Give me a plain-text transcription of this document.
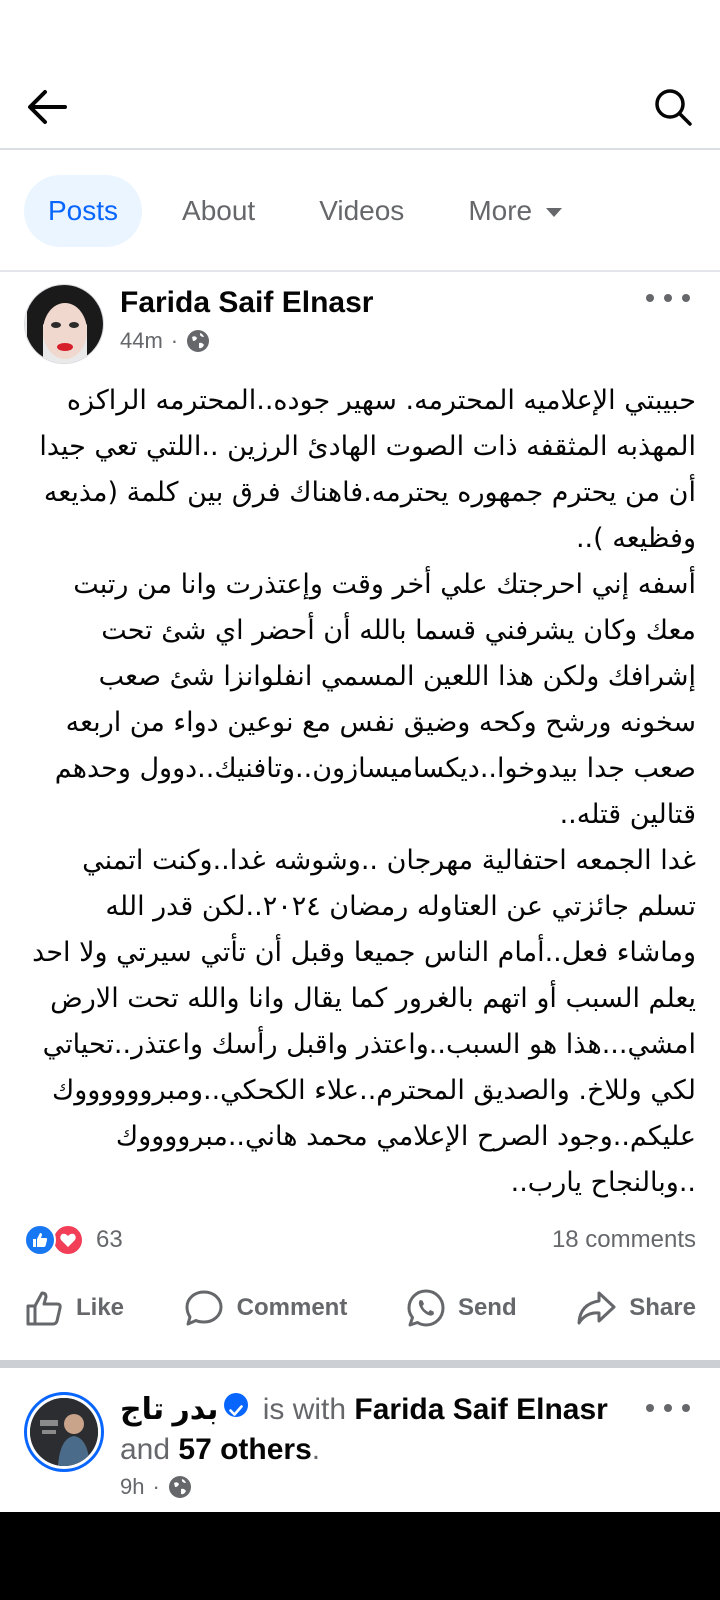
Posts About Videos More
Farida Saif Elnasr
44m ·
حبيبتي الإعلاميه المحترمه. سهير جوده..المحترمه الراكزه المهذبه المثقفه ذات الصوت الهادئ الرزين ..اللتي تعي جيدا أن من يحترم جمهوره يحترمه.فاهناك فرق بين كلمة (مذيعه وفظيعه )..
أسفه إني احرجتك علي أخر وقت وإعتذرت وانا من رتبت معك وكان يشرفني قسما بالله أن أحضر اي شئ تحت إشرافك ولكن هذا اللعين المسمي انفلوانزا شئ صعب سخونه ورشح وكحه وضيق نفس مع نوعين دواء من اربعه صعب جدا بيدوخوا..ديكساميسازون..وتافنيك..دوول وحدهم قتالين قتله..
غدا الجمعه احتفالية مهرجان ..وشوشه غدا..وكنت اتمني تسلم جائزتي عن العتاوله رمضان ٢٠٢٤..لكن قدر الله وماشاء فعل..أمام الناس جميعا وقبل أن تأتي سيرتي ولا احد يعلم السبب أو اتهم بالغرور كما يقال وانا والله تحت الارض امشي...هذا هو السبب..واعتذر واقبل رأسك واعتذر..تحياتي لكي وللاخ. والصديق المحترم..علاء الكحكي..ومبرووووووك عليكم..وجود الصرح الإعلامي محمد هاني..مبرووووك ..وبالنجاح يارب..
63	18 comments
Like	Comment	Send	Share
بدر تاج is with Farida Saif Elnasr and 57 others.
9h ·
